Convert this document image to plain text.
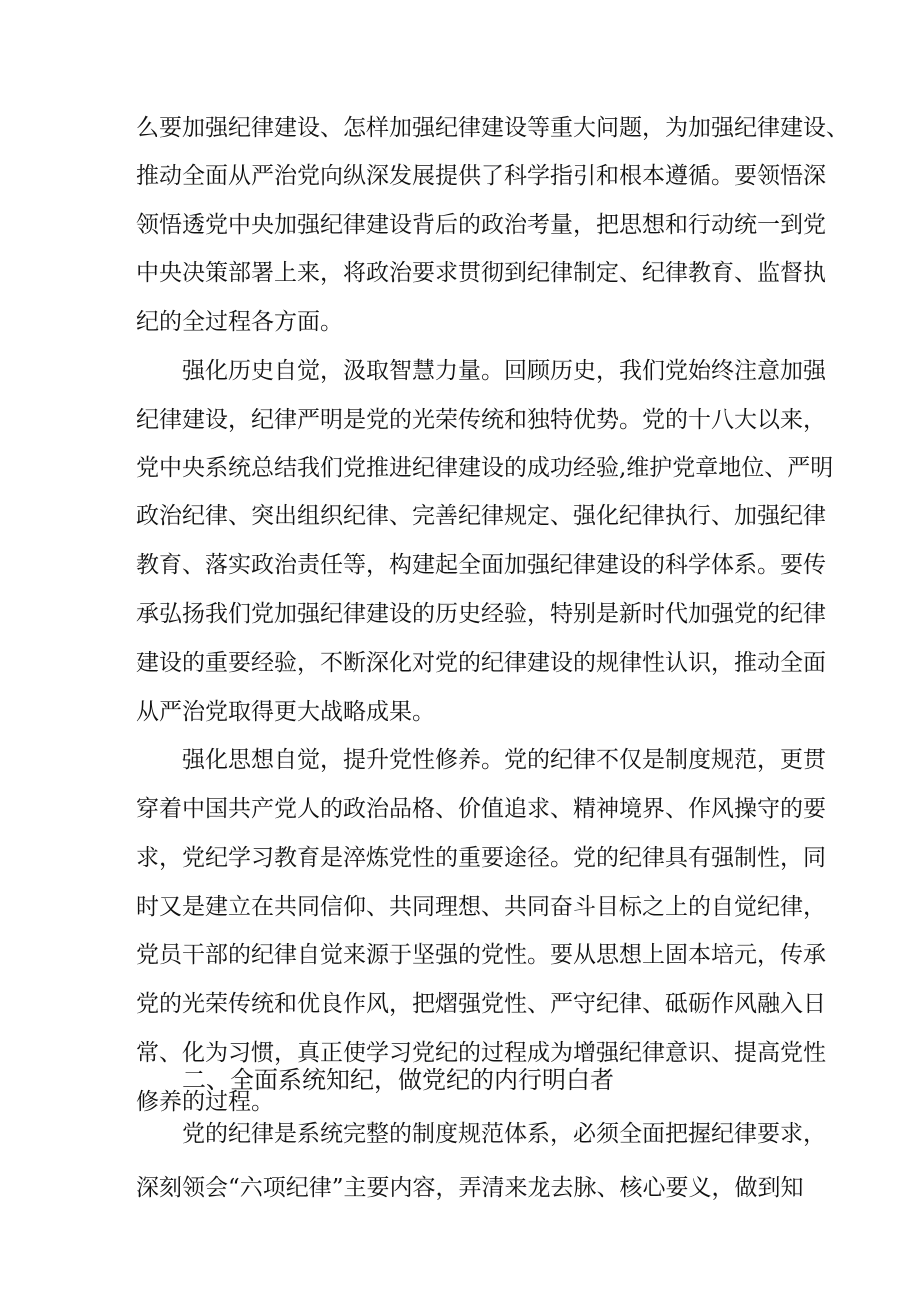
么要加强纪律建设、怎样加强纪律建设等重大问题，为加强纪律建设、
推动全面从严治党向纵深发展提供了科学指引和根本遵循。要领悟深
领悟透党中央加强纪律建设背后的政治考量，把思想和行动统一到党
中央决策部署上来，将政治要求贯彻到纪律制定、纪律教育、监督执
纪的全过程各方面。
强化历史自觉，汲取智慧力量。回顾历史，我们党始终注意加强
纪律建设，纪律严明是党的光荣传统和独特优势。党的十八大以来，
党中央系统总结我们党推进纪律建设的成功经验,维护党章地位、严明
政治纪律、突出组织纪律、完善纪律规定、强化纪律执行、加强纪律
教育、落实政治责任等，构建起全面加强纪律建设的科学体系。要传
承弘扬我们党加强纪律建设的历史经验，特别是新时代加强党的纪律
建设的重要经验，不断深化对党的纪律建设的规律性认识，推动全面
从严治党取得更大战略成果。
强化思想自觉，提升党性修养。党的纪律不仅是制度规范，更贯
穿着中国共产党人的政治品格、价值追求、精神境界、作风操守的要
求，党纪学习教育是淬炼党性的重要途径。党的纪律具有强制性，同
时又是建立在共同信仰、共同理想、共同奋斗目标之上的自觉纪律，
党员干部的纪律自觉来源于坚强的党性。要从思想上固本培元，传承
党的光荣传统和优良作风，把熠强党性、严守纪律、砥砺作风融入日
常、化为习惯，真正使学习党纪的过程成为增强纪律意识、提高党性
修养的过程。
二、全面系统知纪，做党纪的内行明白者
党的纪律是系统完整的制度规范体系，必须全面把握纪律要求，
深刻领会“六项纪律”主要内容，弄清来龙去脉、核心要义，做到知
